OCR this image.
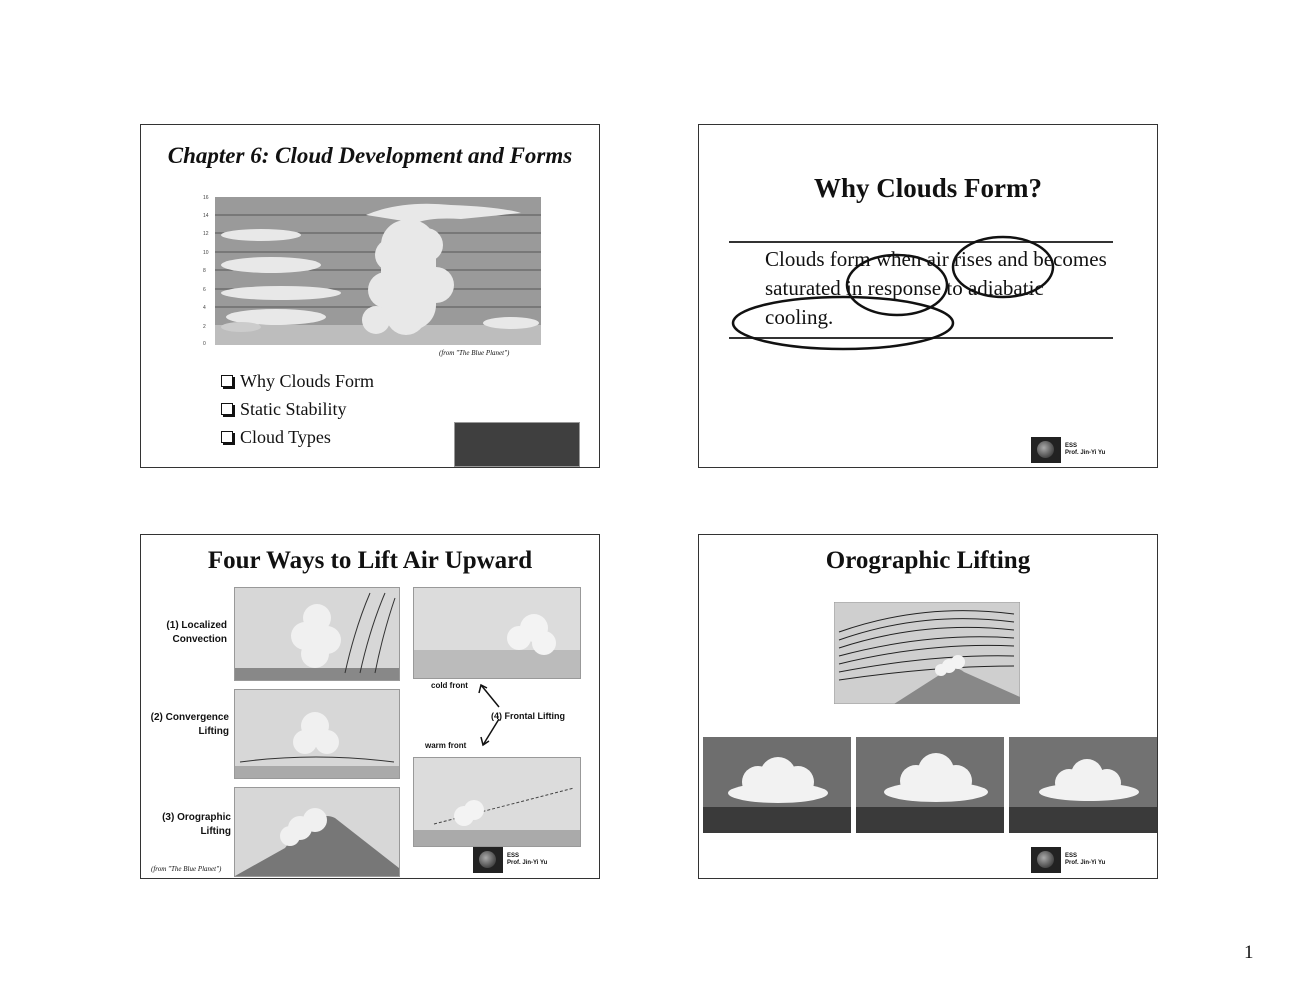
Chapter 6: Cloud Development and Forms
16
14
12
10
8
6
4
2
0
(from "The Blue Planet")
Why Clouds Form
Static Stability
Cloud Types
Why Clouds Form?
Clouds form when air rises and becomes saturated in response to adiabatic cooling.
ESS
Prof. Jin-Yi Yu
Four Ways to Lift Air Upward
(1) Localized Convection
(2) Convergence Lifting
(3) Orographic Lifting
(from "The Blue Planet")
cold front
(4) Frontal Lifting
warm front
ESS
Prof. Jin-Yi Yu
Orographic Lifting
ESS
Prof. Jin-Yi Yu
1
